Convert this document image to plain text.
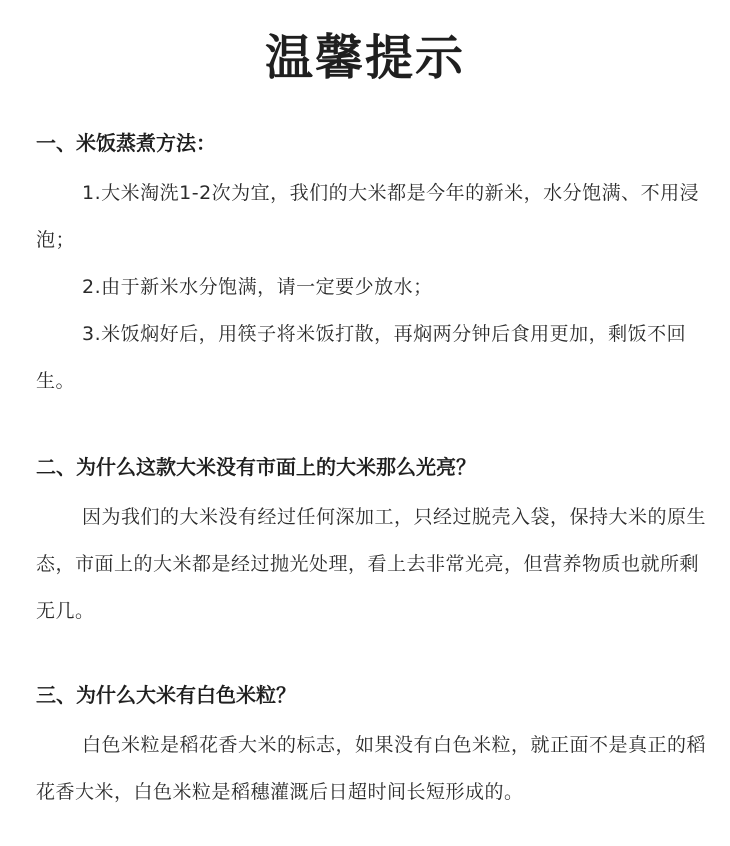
温馨提示
一、米饭蒸煮方法：

1.大米淘洗1-2次为宜，我们的大米都是今年的新米，水分饱满、不用浸泡；

2.由于新米水分饱满，请一定要少放水；

3.米饭焖好后，用筷子将米饭打散，再焖两分钟后食用更加，剩饭不回生。

二、为什么这款大米没有市面上的大米那么光亮？

因为我们的大米没有经过任何深加工，只经过脱壳入袋，保持大米的原生态，市面上的大米都是经过抛光处理，看上去非常光亮，但营养物质也就所剩无几。

三、为什么大米有白色米粒？

白色米粒是稻花香大米的标志，如果没有白色米粒，就正面不是真正的稻花香大米，白色米粒是稻穗灌溉后日超时间长短形成的。
